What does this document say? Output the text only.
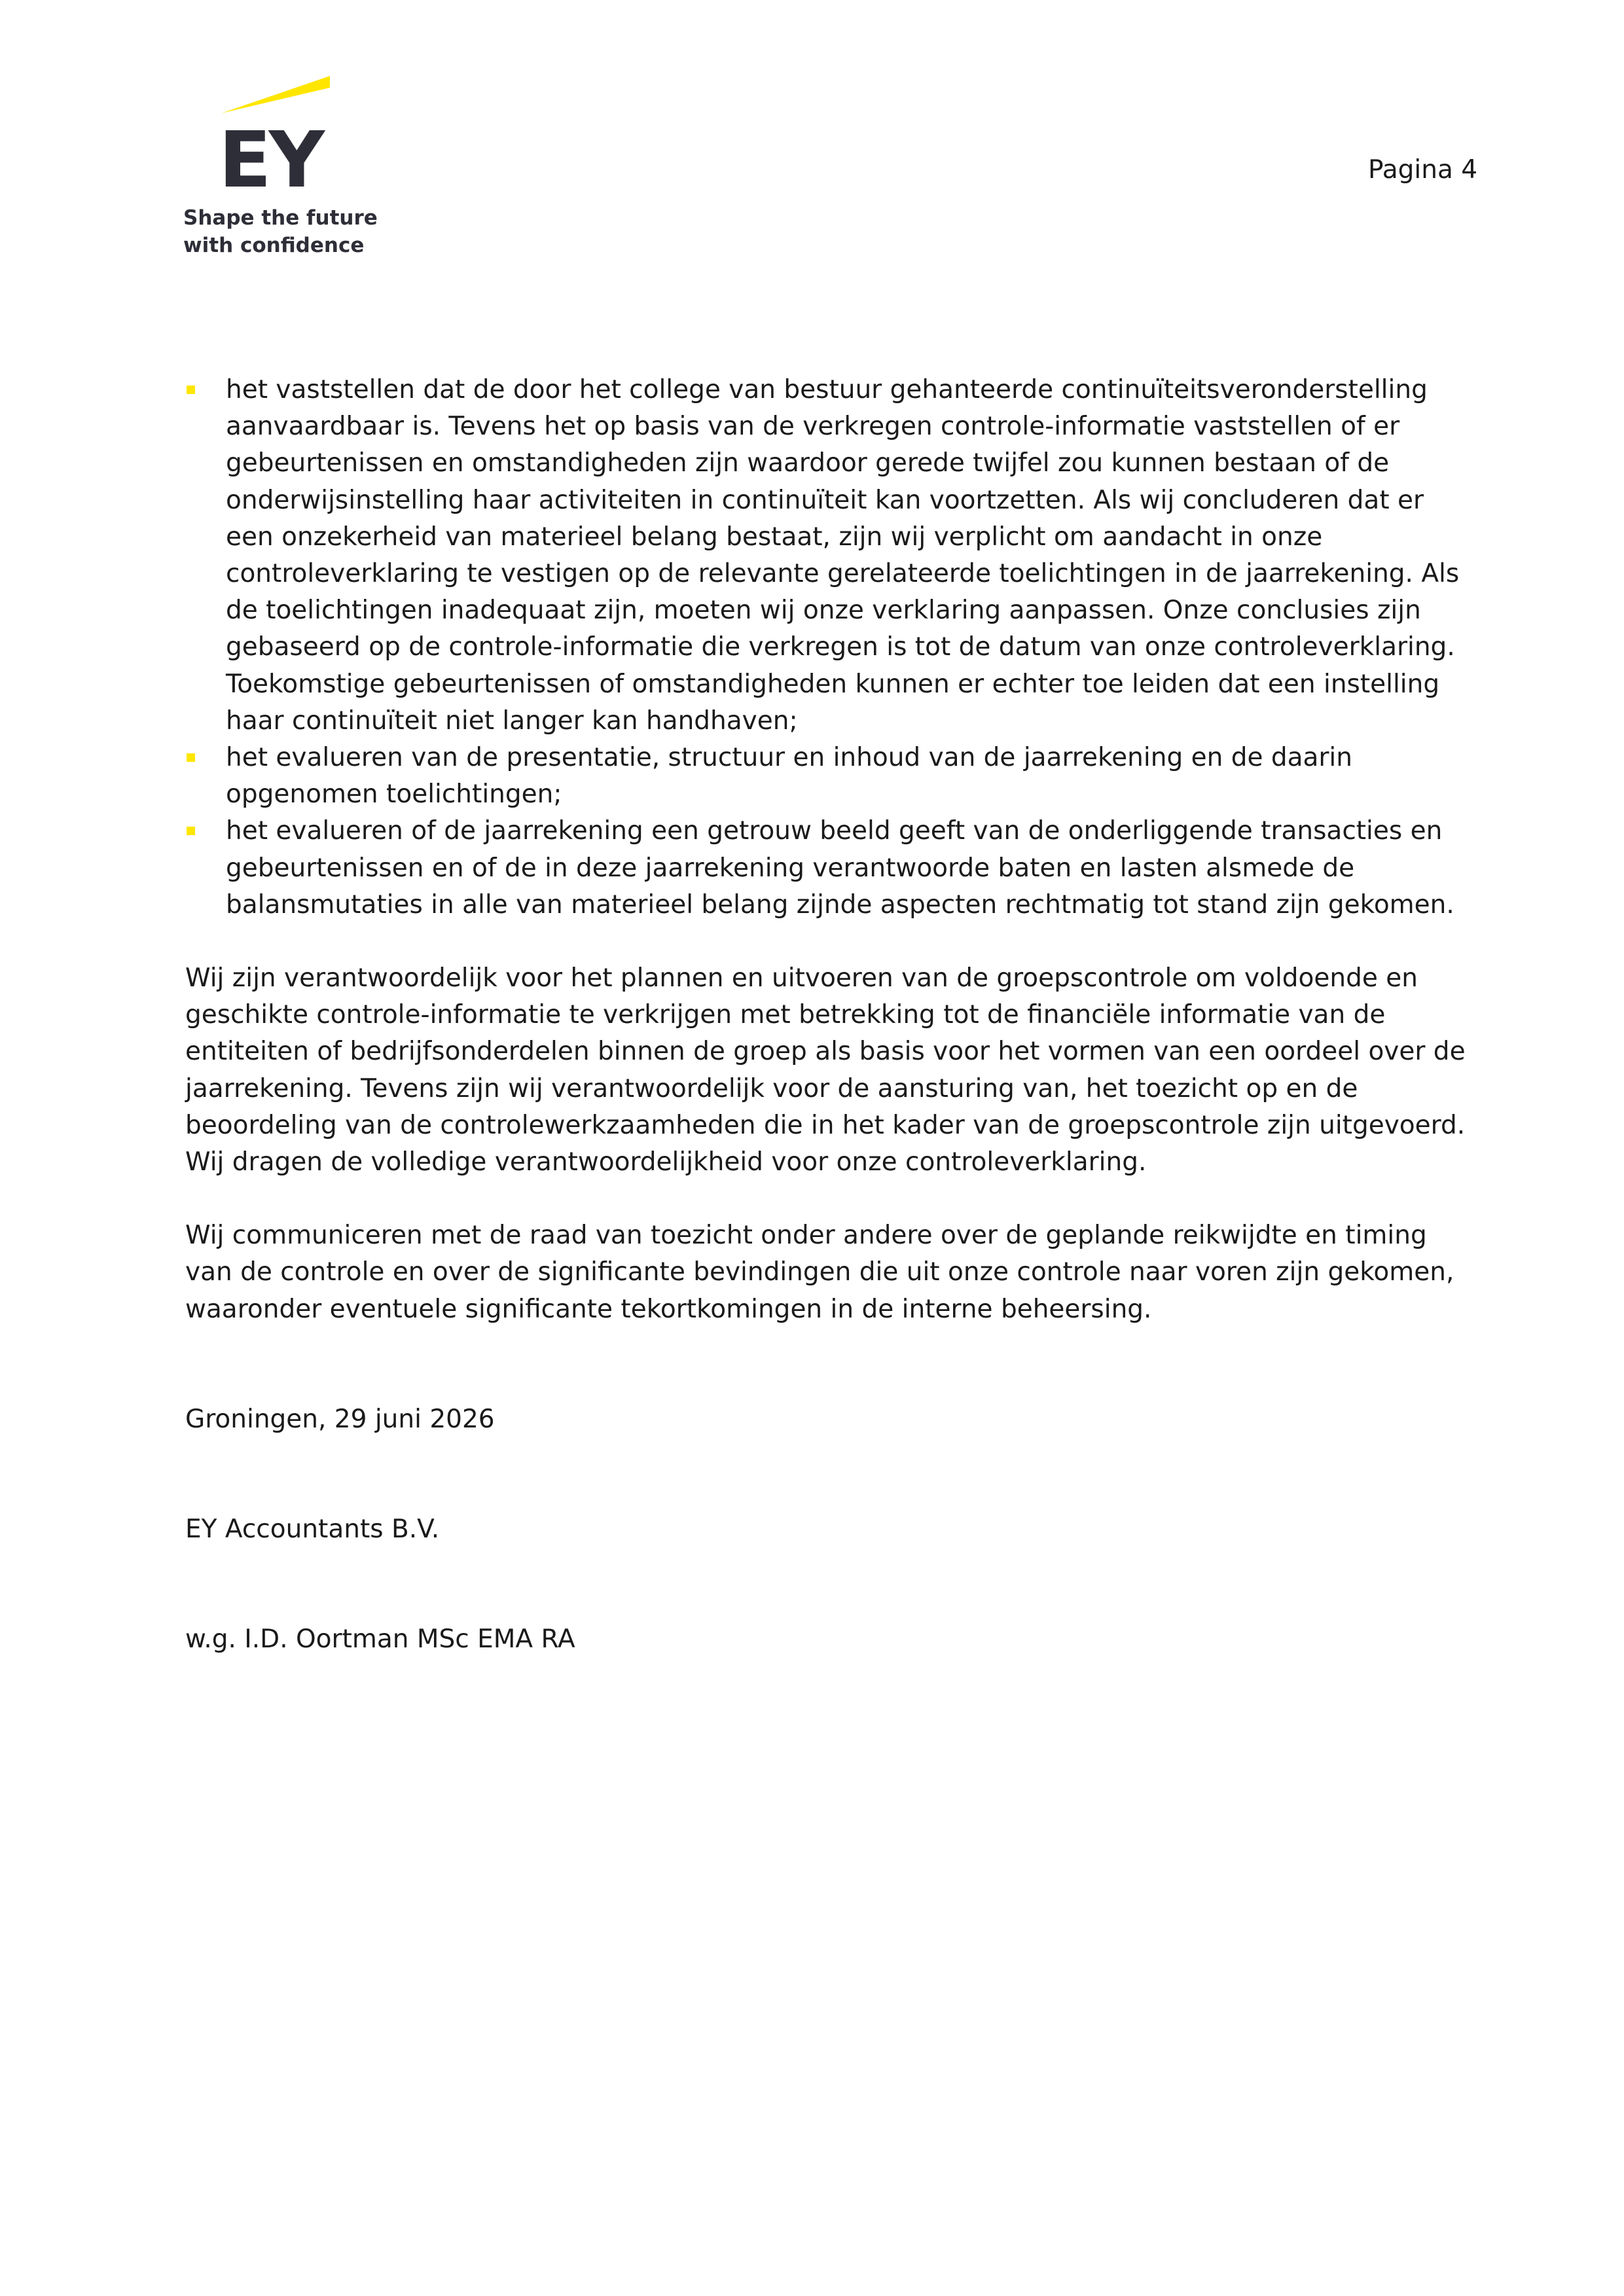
EY
Shape the future
with confidence
Pagina 4
het vaststellen dat de door het college van bestuur gehanteerde continuïteitsveronderstelling aanvaardbaar is. Tevens het op basis van de verkregen controle-informatie vaststellen of er gebeurtenissen en omstandigheden zijn waardoor gerede twijfel zou kunnen bestaan of de onderwijsinstelling haar activiteiten in continuïteit kan voortzetten. Als wij concluderen dat er een onzekerheid van materieel belang bestaat, zijn wij verplicht om aandacht in onze controleverklaring te vestigen op de relevante gerelateerde toelichtingen in de jaarrekening. Als de toelichtingen inadequaat zijn, moeten wij onze verklaring aanpassen. Onze conclusies zijn gebaseerd op de controle-informatie die verkregen is tot de datum van onze controleverklaring.
Toekomstige gebeurtenissen of omstandigheden kunnen er echter toe leiden dat een instelling haar continuïteit niet langer kan handhaven;
het evalueren van de presentatie, structuur en inhoud van de jaarrekening en de daarin opgenomen toelichtingen;
het evalueren of de jaarrekening een getrouw beeld geeft van de onderliggende transacties en gebeurtenissen en of de in deze jaarrekening verantwoorde baten en lasten alsmede de balansmutaties in alle van materieel belang zijnde aspecten rechtmatig tot stand zijn gekomen.

Wij zijn verantwoordelijk voor het plannen en uitvoeren van de groepscontrole om voldoende en geschikte controle-informatie te verkrijgen met betrekking tot de financiële informatie van de entiteiten of bedrijfsonderdelen binnen de groep als basis voor het vormen van een oordeel over de jaarrekening. Tevens zijn wij verantwoordelijk voor de aansturing van, het toezicht op en de beoordeling van de controlewerkzaamheden die in het kader van de groepscontrole zijn uitgevoerd. Wij dragen de volledige verantwoordelijkheid voor onze controleverklaring.

Wij communiceren met de raad van toezicht onder andere over de geplande reikwijdte en timing van de controle en over de significante bevindingen die uit onze controle naar voren zijn gekomen, waaronder eventuele significante tekortkomingen in de interne beheersing.

Groningen, 29 juni 2026

EY Accountants B.V.

w.g. I.D. Oortman MSc EMA RA
